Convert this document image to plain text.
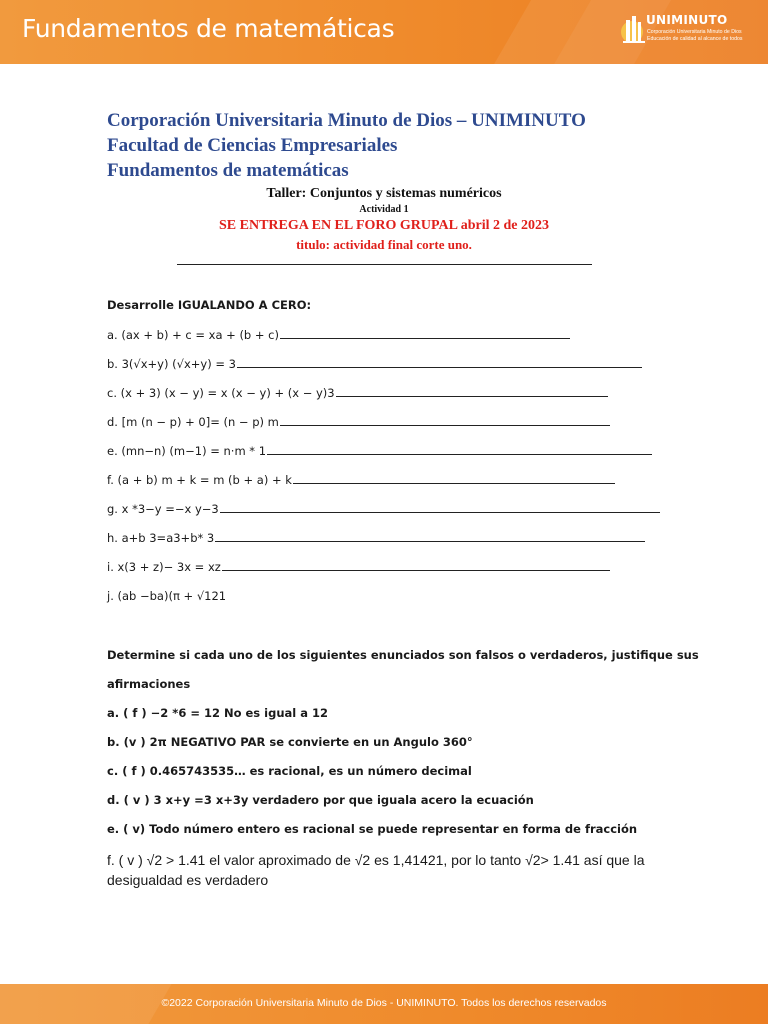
Fundamentos de matemáticas	UNIMINUTO
Corporación Universitaria Minuto de Dios
Educación de calidad al alcance de todos
Corporación Universitaria Minuto de Dios – UNIMINUTO
Facultad de Ciencias Empresariales
Fundamentos de matemáticas
Taller: Conjuntos y sistemas numéricos
Actividad 1
SE ENTREGA EN EL FORO GRUPAL abril 2 de 2023
titulo: actividad final corte uno.
Desarrolle IGUALANDO A CERO:
a. (ax + b) + c = xa + (b + c)
b. 3(√x+y) (√x+y) = 3
c. (x + 3) (x − y) = x (x − y) + (x − y)3
d. [m (n − p) + 0]= (n − p) m
e. (mn−n) (m−1) = n·m * 1
f. (a + b) m + k = m (b + a) + k
g. x *3−y =−x y−3
h. a+b 3=a3+b* 3
i. x(3 + z)− 3x = xz
j. (ab −ba)(π + √121
Determine si cada uno de los siguientes enunciados son falsos o verdaderos, justifique sus
afirmaciones
a. ( f ) −2 *6 = 12 No es igual a 12
b. (v ) 2π NEGATIVO PAR se convierte en un Angulo 360°
c. ( f ) 0.465743535… es racional, es un número decimal
d. ( v ) 3 x+y =3 x+3y verdadero por que iguala acero la ecuación
e. ( v) Todo número entero es racional se puede representar en forma de fracción
f. ( v ) √2 > 1.41 el valor aproximado de √2 es 1,41421, por lo tanto √2> 1.41 así que la desigualdad es verdadero
©2022 Corporación Universitaria Minuto de Dios - UNIMINUTO. Todos los derechos reservados
